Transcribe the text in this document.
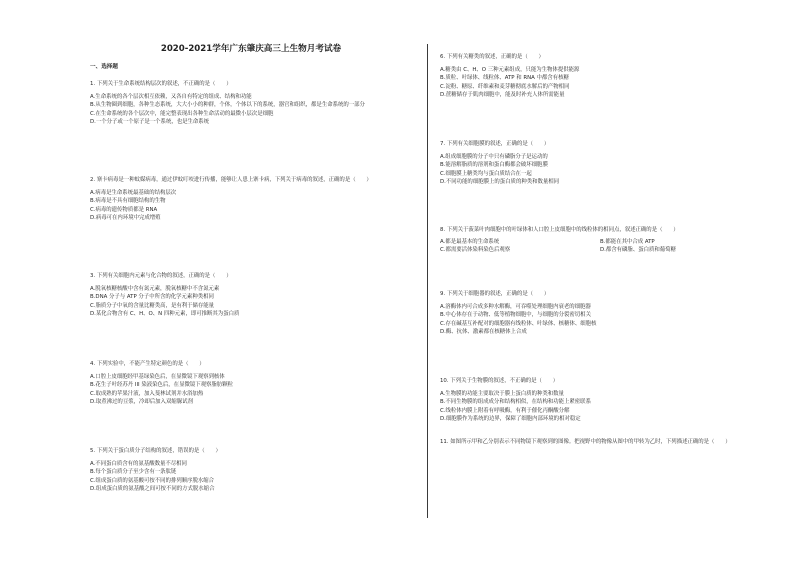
2020-2021学年广东肇庆高三上生物月考试卷
一、选择题
1. 下列关于生命系统结构层次的叙述，不正确的是（　　）
A.生命系统的各个层次相互依赖，又各自有特定的组成、结构和功能
B.从生物圈到细胞，各种生态系统，大大小小的种群，个体，个体以下的系统，器官和组织，都是生命系统的一部分
C.在生命系统的各个层次中，能完整表现出各种生命活动的最微小层次是细胞
D.一个分子或一个原子是一个系统，也是生命系统
2. 寨卡病毒是一种蚊媒病毒，通过伊蚊叮咬进行传播，能够让人患上寨卡病，下列关于病毒的叙述，正确的是（　　）
A.病毒是生命系统最基础的结构层次
B.病毒是不具有细胞结构的生物
C.病毒的遗传物质都是 RNA
D.病毒可在内环境中完成增殖
3. 下列有关细胞内元素与化合物的叙述，正确的是（　　）
A.脱氧核糖核酸中含有氮元素，脱氧核糖中不含氮元素
B.DNA 分子与 ATP 分子中所含的化学元素种类相同
C.脂质分子中氧的含量比糖类高，是有利于储存能量
D.某化合物含有 C、H、O、N 四种元素，即可推断其为蛋白质
4. 下列实验中，不能产生特定颜色的是（　　）
A.口腔上皮细胞经甲基绿染色后，在显微镜下观察到核体
B.花生子叶经苏丹 III 染液染色后，在显微镜下观察脂肪颗粒
C.取成熟的苹果汁液，加入斐林试剂并水浴加热
D.取煮沸过的豆浆，冷却后加入双缩脲试剂
5. 下列关于蛋白质分子结构的叙述，错误的是（　　）
A.不同蛋白质含有的氨基酸数量不尽相同
B.每个蛋白质分子至少含有一条肽链
C.组成蛋白质的氨基酸可按不同的排列顺序脱水缩合
D.组成蛋白质的氨基酸之间可按不同的方式脱水缩合
6. 下列有关糖类的叙述，正确的是（　　）
A.糖类由 C、H、O 三种元素组成，只能为生物体提供能源
B.质粒、叶绿体、线粒体、ATP 和 RNA 中都含有核糖
C.淀粉、糖原、纤维素和麦芽糖彻底水解后的产物相同
D.蔗糖储存于肌肉细胞中，能及时补充人体所需能量
7. 下列有关细胞膜的叙述，正确的是（　　）
A.组成细胞膜的分子中只有磷脂分子是运动的
B.能溶解脂质的溶剂和蛋白酶都会破坏细胞膜
C.细胞膜上糖类均与蛋白质结合在一起
D.不同功能的细胞膜上的蛋白质的种类和数量相同
8. 下列关于菠菜叶肉细胞中的叶绿体和人口腔上皮细胞中的线粒体的相同点，叙述正确的是（　　）
A.都是最基本的生命系统	B.都能在其中合成 ATP
C.都需要活体染料染色后观察	D.都含有磷脂、蛋白质和葡萄糖
9. 下列关于细胞器的叙述，正确的是（　　）
A.溶酶体内可合成多种水解酶，可吞噬处理细胞内衰老的细胞器
B.中心体存在于动物、低等植物细胞中，与细胞的分裂密切相关
C.存在碱基互补配对的细胞器有线粒体、叶绿体、核糖体、细胞核
D.酶、抗体、激素都在核糖体上合成
10. 下列关于生物膜的叙述，不正确的是（　　）
A.生物膜的功能主要取决于膜上蛋白质的种类和数量
B.不同生物膜的组成成分和结构相似，在结构和功能上紧密联系
C.线粒体内膜上附着有呼吸酶，有利于催化丙酮酸分解
D.细胞膜作为系统的边界，保障了细胞内部环境的相对稳定
11. 如图所示甲和乙分别表示不同物镜下观察到的图像。把视野中的物像从图中的甲转为乙时，下列描述正确的是（　　）
